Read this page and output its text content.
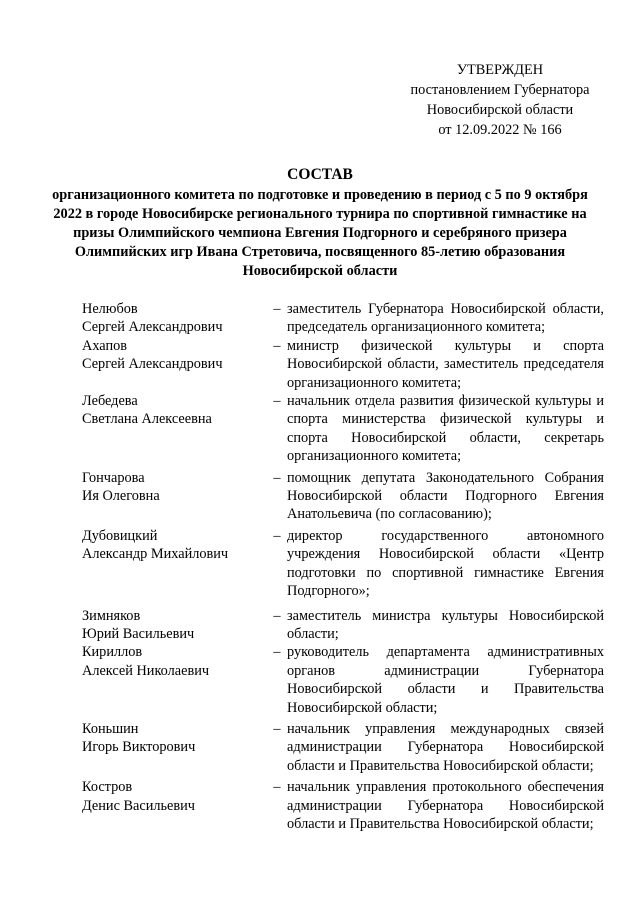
УТВЕРЖДЕН
постановлением Губернатора
Новосибирской области
от 12.09.2022 № 166
СОСТАВ
организационного комитета по подготовке и проведению в период с 5 по 9 октября 2022 в городе Новосибирске регионального турнира по спортивной гимнастике на призы Олимпийского чемпиона Евгения Подгорного и серебряного призера Олимпийских игр Ивана Стретовича, посвященного 85-летию образования Новосибирской области
Нелюбов
Сергей Александрович
– заместитель Губернатора Новосибирской области, председатель организационного комитета;
Ахапов
Сергей Александрович
– министр физической культуры и спорта Новосибирской области, заместитель председателя организационного комитета;
Лебедева
Светлана Алексеевна
– начальник отдела развития физической культуры и спорта министерства физической культуры и спорта Новосибирской области, секретарь организационного комитета;
Гончарова
Ия Олеговна
– помощник депутата Законодательного Собрания Новосибирской области Подгорного Евгения Анатольевича (по согласованию);
Дубовицкий
Александр Михайлович
– директор государственного автономного учреждения Новосибирской области «Центр подготовки по спортивной гимнастике Евгения Подгорного»;
Зимняков
Юрий Васильевич
– заместитель министра культуры Новосибирской области;
Кириллов
Алексей Николаевич
– руководитель департамента административных органов администрации Губернатора Новосибирской области и Правительства Новосибирской области;
Коньшин
Игорь Викторович
– начальник управления международных связей администрации Губернатора Новосибирской области и Правительства Новосибирской области;
Костров
Денис Васильевич
– начальник управления протокольного обеспечения администрации Губернатора Новосибирской области и Правительства Новосибирской области;
